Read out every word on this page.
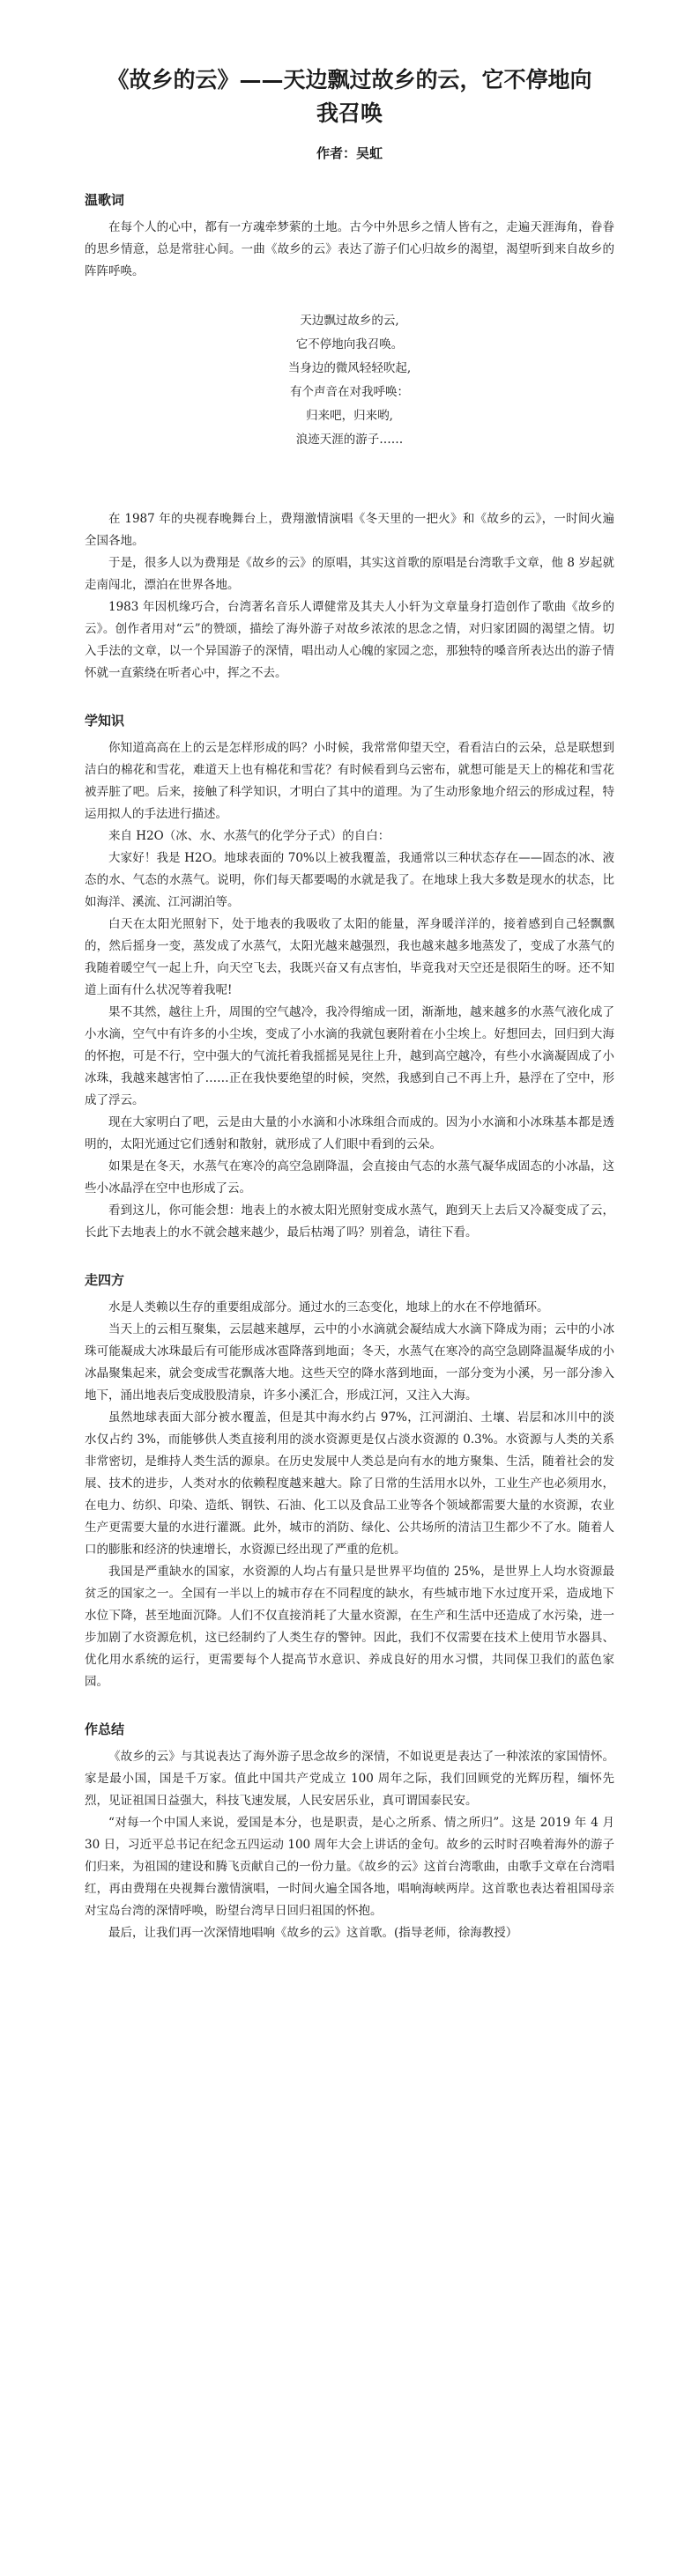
《故乡的云》——天边飘过故乡的云，它不停地向我召唤
作者：吴虹
温歌词

在每个人的心中，都有一方魂牵梦萦的土地。古今中外思乡之情人皆有之，走遍天涯海角，眷眷的思乡情意，总是常驻心间。一曲《故乡的云》表达了游子们心归故乡的渴望，渴望听到来自故乡的阵阵呼唤。

天边飘过故乡的云,
它不停地向我召唤。
当身边的微风轻轻吹起,
有个声音在对我呼唤：
归来吧，归来哟,
浪迹天涯的游子……

在 1987 年的央视春晚舞台上，费翔激情演唱《冬天里的一把火》和《故乡的云》，一时间火遍全国各地。

于是，很多人以为费翔是《故乡的云》的原唱，其实这首歌的原唱是台湾歌手文章，他 8 岁起就走南闯北，漂泊在世界各地。

1983 年因机缘巧合，台湾著名音乐人谭健常及其夫人小轩为文章量身打造创作了歌曲《故乡的云》。创作者用对“云”的赞颂，描绘了海外游子对故乡浓浓的思念之情，对归家团圆的渴望之情。切入手法的文章，以一个异国游子的深情，唱出动人心魄的家园之恋，那独特的嗓音所表达出的游子情怀就一直萦绕在听者心中，挥之不去。

学知识

你知道高高在上的云是怎样形成的吗？小时候，我常常仰望天空，看看洁白的云朵，总是联想到洁白的棉花和雪花，难道天上也有棉花和雪花？有时候看到乌云密布，就想可能是天上的棉花和雪花被弄脏了吧。后来，接触了科学知识，才明白了其中的道理。为了生动形象地介绍云的形成过程，特运用拟人的手法进行描述。

来自 H2O（冰、水、水蒸气的化学分子式）的自白：

大家好！我是 H2O。地球表面的 70%以上被我覆盖，我通常以三种状态存在——固态的冰、液态的水、气态的水蒸气。说明，你们每天都要喝的水就是我了。在地球上我大多数是现水的状态，比如海洋、溪流、江河湖泊等。

白天在太阳光照射下，处于地表的我吸收了太阳的能量，浑身暖洋洋的，接着感到自己轻飘飘的，然后摇身一变，蒸发成了水蒸气，太阳光越来越强烈，我也越来越多地蒸发了，变成了水蒸气的我随着暖空气一起上升，向天空飞去，我既兴奋又有点害怕，毕竟我对天空还是很陌生的呀。还不知道上面有什么状况等着我呢!

果不其然，越往上升，周围的空气越冷，我冷得缩成一团，渐渐地，越来越多的水蒸气液化成了小水滴，空气中有许多的小尘埃，变成了小水滴的我就包裹附着在小尘埃上。好想回去，回归到大海的怀抱，可是不行，空中强大的气流托着我摇摇晃晃往上升，越到高空越冷，有些小水滴凝固成了小冰珠，我越来越害怕了……正在我快要绝望的时候，突然，我感到自己不再上升，悬浮在了空中，形成了浮云。

现在大家明白了吧，云是由大量的小水滴和小冰珠组合而成的。因为小水滴和小冰珠基本都是透明的，太阳光通过它们透射和散射，就形成了人们眼中看到的云朵。

如果是在冬天，水蒸气在寒冷的高空急剧降温，会直接由气态的水蒸气凝华成固态的小冰晶，这些小冰晶浮在空中也形成了云。

看到这儿，你可能会想：地表上的水被太阳光照射变成水蒸气，跑到天上去后又冷凝变成了云，长此下去地表上的水不就会越来越少，最后枯竭了吗？别着急，请往下看。

走四方

水是人类赖以生存的重要组成部分。通过水的三态变化，地球上的水在不停地循环。

当天上的云相互聚集，云层越来越厚，云中的小水滴就会凝结成大水滴下降成为雨；云中的小冰珠可能凝成大冰珠最后有可能形成冰雹降落到地面；冬天，水蒸气在寒冷的高空急剧降温凝华成的小冰晶聚集起来，就会变成雪花飘落大地。这些天空的降水落到地面，一部分变为小溪，另一部分渗入地下，涌出地表后变成股股清泉，许多小溪汇合，形成江河，又注入大海。

虽然地球表面大部分被水覆盖，但是其中海水约占 97%，江河湖泊、土壤、岩层和冰川中的淡水仅占约 3%，而能够供人类直接利用的淡水资源更是仅占淡水资源的 0.3%。水资源与人类的关系非常密切，是维持人类生活的源泉。在历史发展中人类总是向有水的地方聚集、生活，随着社会的发展、技术的进步，人类对水的依赖程度越来越大。除了日常的生活用水以外，工业生产也必须用水，在电力、纺织、印染、造纸、钢铁、石油、化工以及食品工业等各个领域都需要大量的水资源，农业生产更需要大量的水进行灌溉。此外，城市的消防、绿化、公共场所的清洁卫生都少不了水。随着人口的膨胀和经济的快速增长，水资源已经出现了严重的危机。

我国是严重缺水的国家，水资源的人均占有量只是世界平均值的 25%，是世界上人均水资源最贫乏的国家之一。全国有一半以上的城市存在不同程度的缺水，有些城市地下水过度开采，造成地下水位下降，甚至地面沉降。人们不仅直接消耗了大量水资源，在生产和生活中还造成了水污染，进一步加剧了水资源危机，这已经制约了人类生存的警钟。因此，我们不仅需要在技术上使用节水器具、优化用水系统的运行，更需要每个人提高节水意识、养成良好的用水习惯，共同保卫我们的蓝色家园。

作总结

《故乡的云》与其说表达了海外游子思念故乡的深情，不如说更是表达了一种浓浓的家国情怀。家是最小国，国是千万家。值此中国共产党成立 100 周年之际，我们回顾党的光辉历程，缅怀先烈，见证祖国日益强大，科技飞速发展，人民安居乐业，真可谓国泰民安。

“对每一个中国人来说，爱国是本分，也是职责，是心之所系、情之所归”。这是 2019 年 4 月 30 日，习近平总书记在纪念五四运动 100 周年大会上讲话的金句。故乡的云时时召唤着海外的游子们归来，为祖国的建设和腾飞贡献自己的一份力量。《故乡的云》这首台湾歌曲，由歌手文章在台湾唱红，再由费翔在央视舞台激情演唱，一时间火遍全国各地，唱响海峡两岸。这首歌也表达着祖国母亲对宝岛台湾的深情呼唤，盼望台湾早日回归祖国的怀抱。

最后，让我们再一次深情地唱响《故乡的云》这首歌。(指导老师，徐海教授）
